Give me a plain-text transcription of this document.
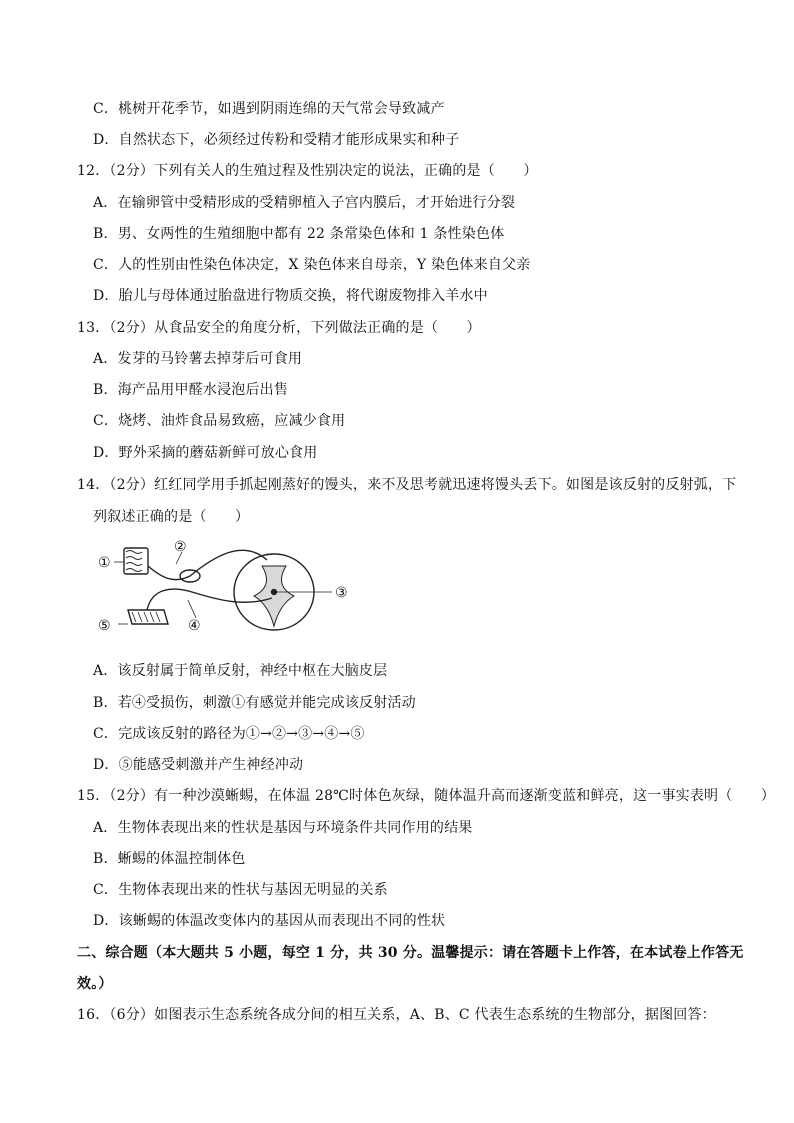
C．桃树开花季节，如遇到阴雨连绵的天气常会导致减产
D．自然状态下，必须经过传粉和受精才能形成果实和种子
12．（2分）下列有关人的生殖过程及性别决定的说法，正确的是（　　）
A．在输卵管中受精形成的受精卵植入子宫内膜后，才开始进行分裂
B．男、女两性的生殖细胞中都有 22 条常染色体和 1 条性染色体
C．人的性别由性染色体决定，X 染色体来自母亲，Y 染色体来自父亲
D．胎儿与母体通过胎盘进行物质交换，将代谢废物排入羊水中
13．（2分）从食品安全的角度分析，下列做法正确的是（　　）
A．发芽的马铃薯去掉芽后可食用
B．海产品用甲醛水浸泡后出售
C．烧烤、油炸食品易致癌，应减少食用
D．野外采摘的蘑菇新鲜可放心食用
14．（2分）红红同学用手抓起刚蒸好的馒头，来不及思考就迅速将馒头丢下。如图是该反射的反射弧，下
列叙述正确的是（　　）
①
②
③
④
⑤
A．该反射属于简单反射，神经中枢在大脑皮层
B．若④受损伤，刺激①有感觉并能完成该反射活动
C．完成该反射的路径为①→②→③→④→⑤
D．⑤能感受刺激并产生神经冲动
15．（2分）有一种沙漠蜥蜴，在体温 28℃时体色灰绿，随体温升高而逐渐变蓝和鲜亮，这一事实表明（　　）
A．生物体表现出来的性状是基因与环境条件共同作用的结果
B．蜥蜴的体温控制体色
C．生物体表现出来的性状与基因无明显的关系
D．该蜥蜴的体温改变体内的基因从而表现出不同的性状
二、综合题（本大题共 5 小题，每空 1 分，共 30 分。温馨提示：请在答题卡上作答，在本试卷上作答无
效。）
16．（6分）如图表示生态系统各成分间的相互关系，A、B、C 代表生态系统的生物部分，据图回答：
